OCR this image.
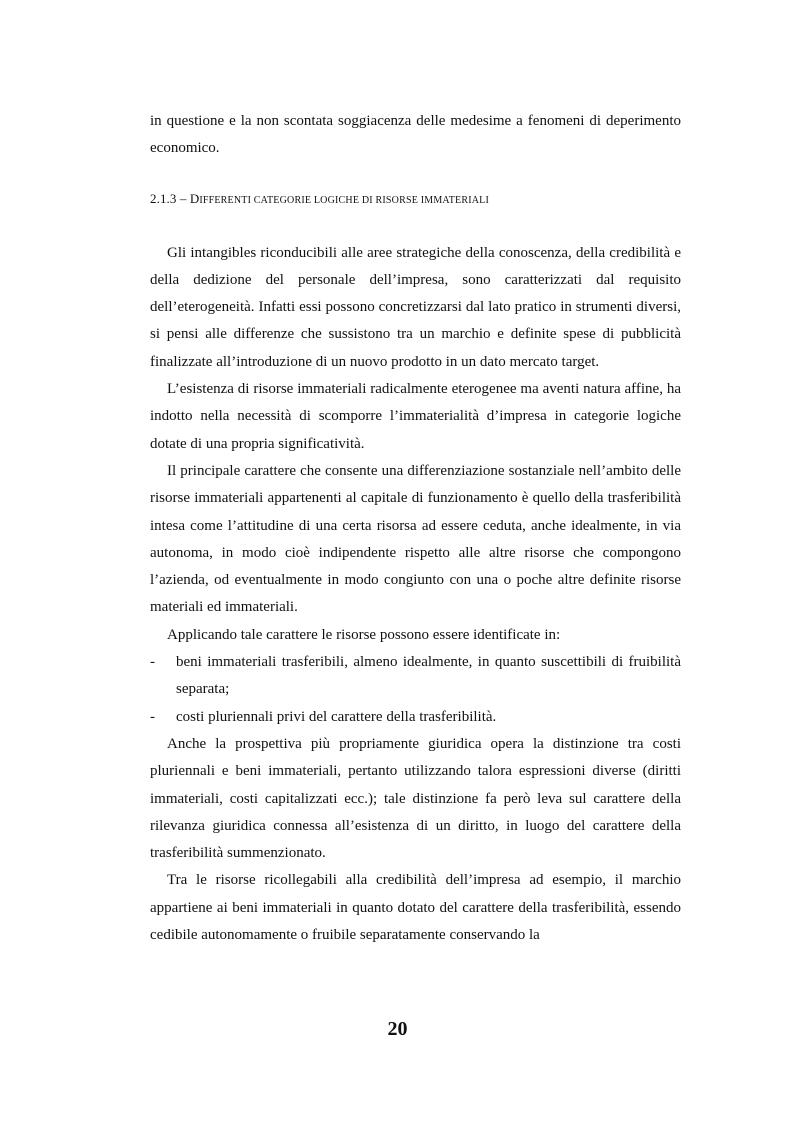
in questione e la non scontata soggiacenza delle medesime a fenomeni di deperimento economico.

2.1.3 – DIFFERENTI CATEGORIE LOGICHE DI RISORSE IMMATERIALI

Gli intangibles riconducibili alle aree strategiche della conoscenza, della credibilità e della dedizione del personale dell’impresa, sono caratterizzati dal requisito dell’eterogeneità. Infatti essi possono concretizzarsi dal lato pratico in strumenti diversi, si pensi alle differenze che sussistono tra un marchio e definite spese di pubblicità finalizzate all’introduzione di un nuovo prodotto in un dato mercato target.

L’esistenza di risorse immateriali radicalmente eterogenee ma aventi natura affine, ha indotto nella necessità di scomporre l’immaterialità d’impresa in categorie logiche dotate di una propria significatività.

Il principale carattere che consente una differenziazione sostanziale nell’ambito delle risorse immateriali appartenenti al capitale di funzionamento è quello della trasferibilità intesa come l’attitudine di una certa risorsa ad essere ceduta, anche idealmente, in via autonoma, in modo cioè indipendente rispetto alle altre risorse che compongono l’azienda, od eventualmente in modo congiunto con una o poche altre definite risorse materiali ed immateriali.

Applicando tale carattere le risorse possono essere identificate in:

- beni immateriali trasferibili, almeno idealmente, in quanto suscettibili di fruibilità separata;

- costi pluriennali privi del carattere della trasferibilità.

Anche la prospettiva più propriamente giuridica opera la distinzione tra costi pluriennali e beni immateriali, pertanto utilizzando talora espressioni diverse (diritti immateriali, costi capitalizzati ecc.); tale distinzione fa però leva sul carattere della rilevanza giuridica connessa all’esistenza di un diritto, in luogo del carattere della trasferibilità summenzionato.

Tra le risorse ricollegabili alla credibilità dell’impresa ad esempio, il marchio appartiene ai beni immateriali in quanto dotato del carattere della trasferibilità, essendo cedibile autonomamente o fruibile separatamente conservando la

20
